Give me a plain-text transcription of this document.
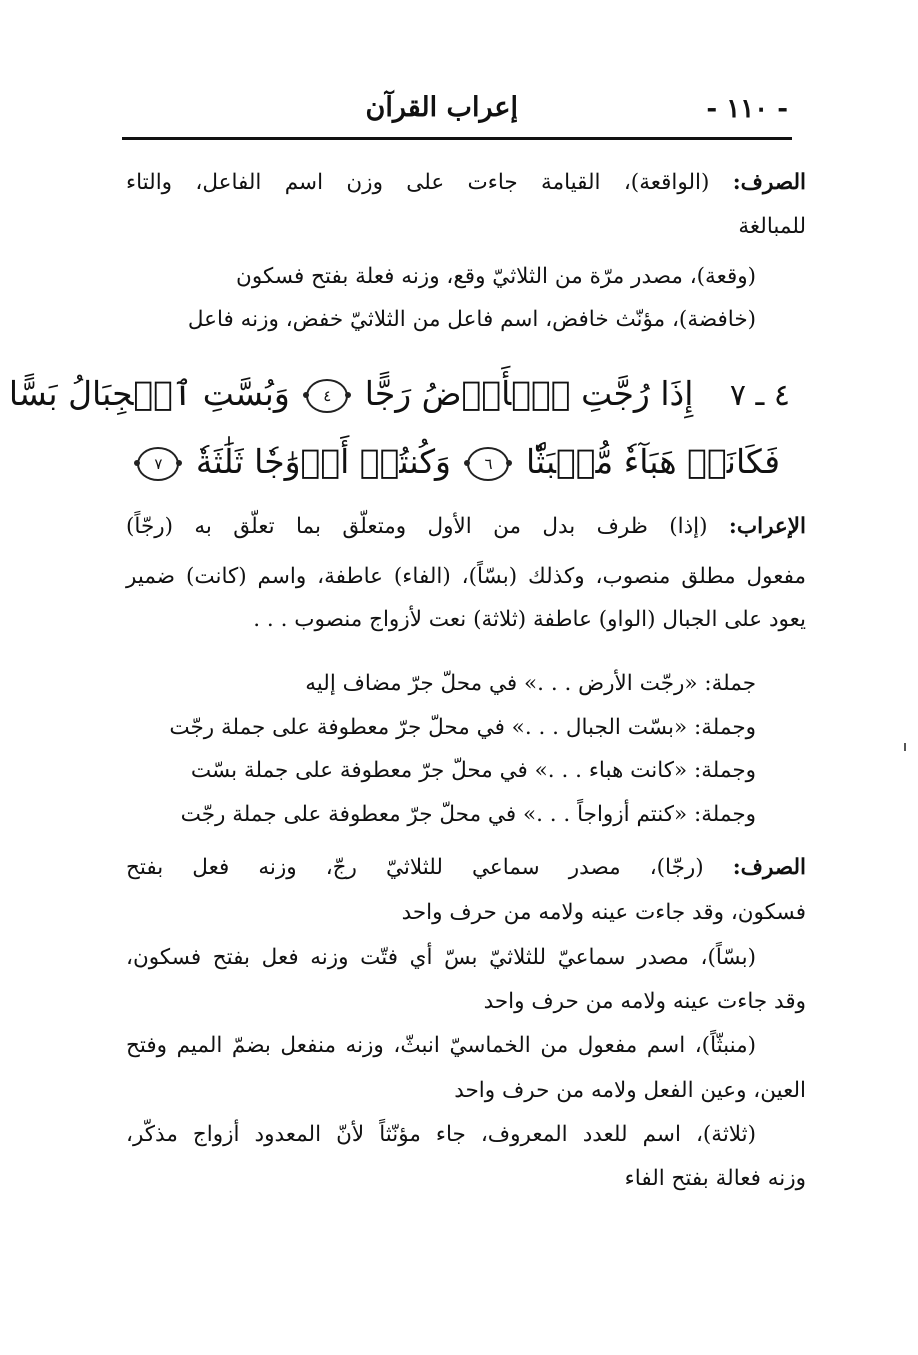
- ١١٠ -
إعراب القرآن
الصرف: (الواقعة)، القيامة جاءت على وزن اسم الفاعل، والتاء
للمبالغة
(وقعة)، مصدر مرّة من الثلاثيّ وقع، وزنه فعلة بفتح فسكون
(خافضة)، مؤنّث خافض، اسم فاعل من الثلاثيّ خفض، وزنه فاعل
٤ ـ ٧ إِذَا رُجَّتِ ٱلۡأَرۡضُ رَجًّا ٤ وَبُسَّتِ ٱلۡجِبَالُ بَسًّا
فَكَانَتۡ هَبَآءٗ مُّنۢبَثّٗا ٦ وَكُنتُمۡ أَزۡوَٰجٗا ثَلَٰثَةٗ ٧
الإعراب: (إذا) ظرف بدل من الأول ومتعلّق بما تعلّق به (رجّاً)
مفعول مطلق منصوب، وكذلك (بسّاً)، (الفاء) عاطفة، واسم (كانت) ضمير
يعود على الجبال (الواو) عاطفة (ثلاثة) نعت لأزواج منصوب . . .
جملة: «رجّت الأرض . . .» في محلّ جرّ مضاف إليه
وجملة: «بسّت الجبال . . .» في محلّ جرّ معطوفة على جملة رجّت
وجملة: «كانت هباء . . .» في محلّ جرّ معطوفة على جملة بسّت
وجملة: «كنتم أزواجاً . . .» في محلّ جرّ معطوفة على جملة رجّت
الصرف: (رجّا)، مصدر سماعي للثلاثيّ رجّ، وزنه فعل بفتح
فسكون، وقد جاءت عينه ولامه من حرف واحد
(بسّاً)، مصدر سماعيّ للثلاثيّ بسّ أي فتّت وزنه فعل بفتح فسكون،
وقد جاءت عينه ولامه من حرف واحد
(منبثّاً)، اسم مفعول من الخماسيّ انبثّ، وزنه منفعل بضمّ الميم وفتح
العين، وعين الفعل ولامه من حرف واحد
(ثلاثة)، اسم للعدد المعروف، جاء مؤنّثاً لأنّ المعدود أزواج مذكّر،
وزنه فعالة بفتح الفاء
